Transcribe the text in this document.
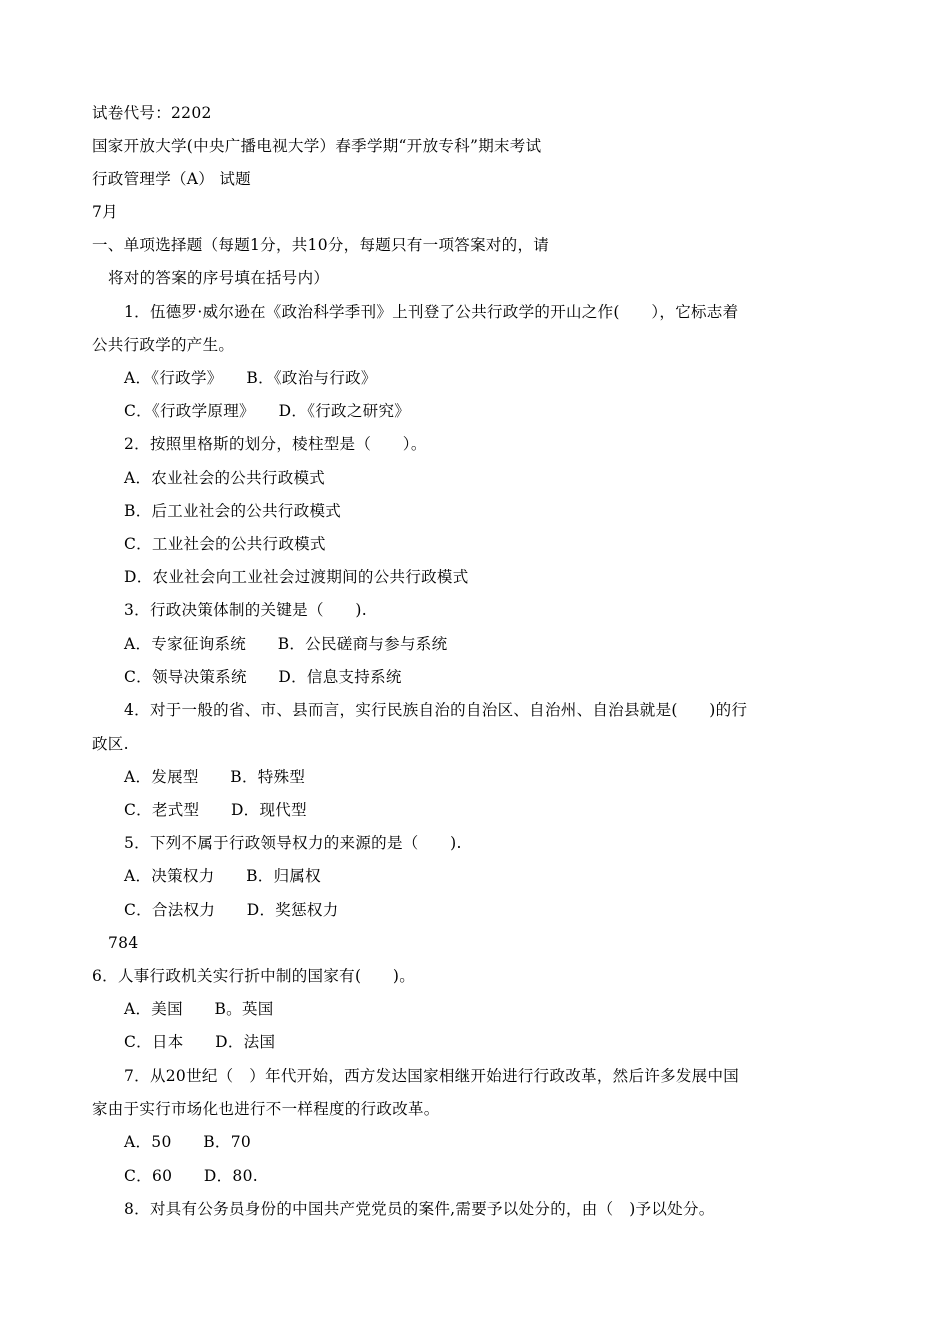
试卷代号：2202
国家开放大学(中央广播电视大学）春季学期“开放专科”期末考试
行政管理学（A） 试题
7月
一、单项选择题（每题1分，共10分，每题只有一项答案对的，请
将对的答案的序号填在括号内）
1．伍德罗·威尔逊在《政治科学季刊》上刊登了公共行政学的开山之作(　　），它标志着
公共行政学的产生。
A．《行政学》　　B．《政治与行政》
C．《行政学原理》　　D．《行政之研究》
2．按照里格斯的划分，棱柱型是（　　）。
A．农业社会的公共行政模式
B．后工业社会的公共行政模式
C．工业社会的公共行政模式
D．农业社会向工业社会过渡期间的公共行政模式
3．行政决策体制的关键是（　　).
A．专家征询系统　　B．公民磋商与参与系统
C．领导决策系统　　D．信息支持系统
4．对于一般的省、市、县而言，实行民族自治的自治区、自治州、自治县就是(　　)的行
政区.
A．发展型　　B．特殊型
C．老式型　　D．现代型
5．下列不属于行政领导权力的来源的是（　　).
A．决策权力　　B．归属权
C．合法权力　　D．奖惩权力
784
6．人事行政机关实行折中制的国家有(　　)。
A．美国　　B。英国
C．日本　　D．法国
7．从20世纪（　）年代开始，西方发达国家相继开始进行行政改革，然后许多发展中国
家由于实行市场化也进行不一样程度的行政改革。
A．50　　B．70
C．60　　D．80.
8．对具有公务员身份的中国共产党党员的案件,需要予以处分的，由（　)予以处分。
